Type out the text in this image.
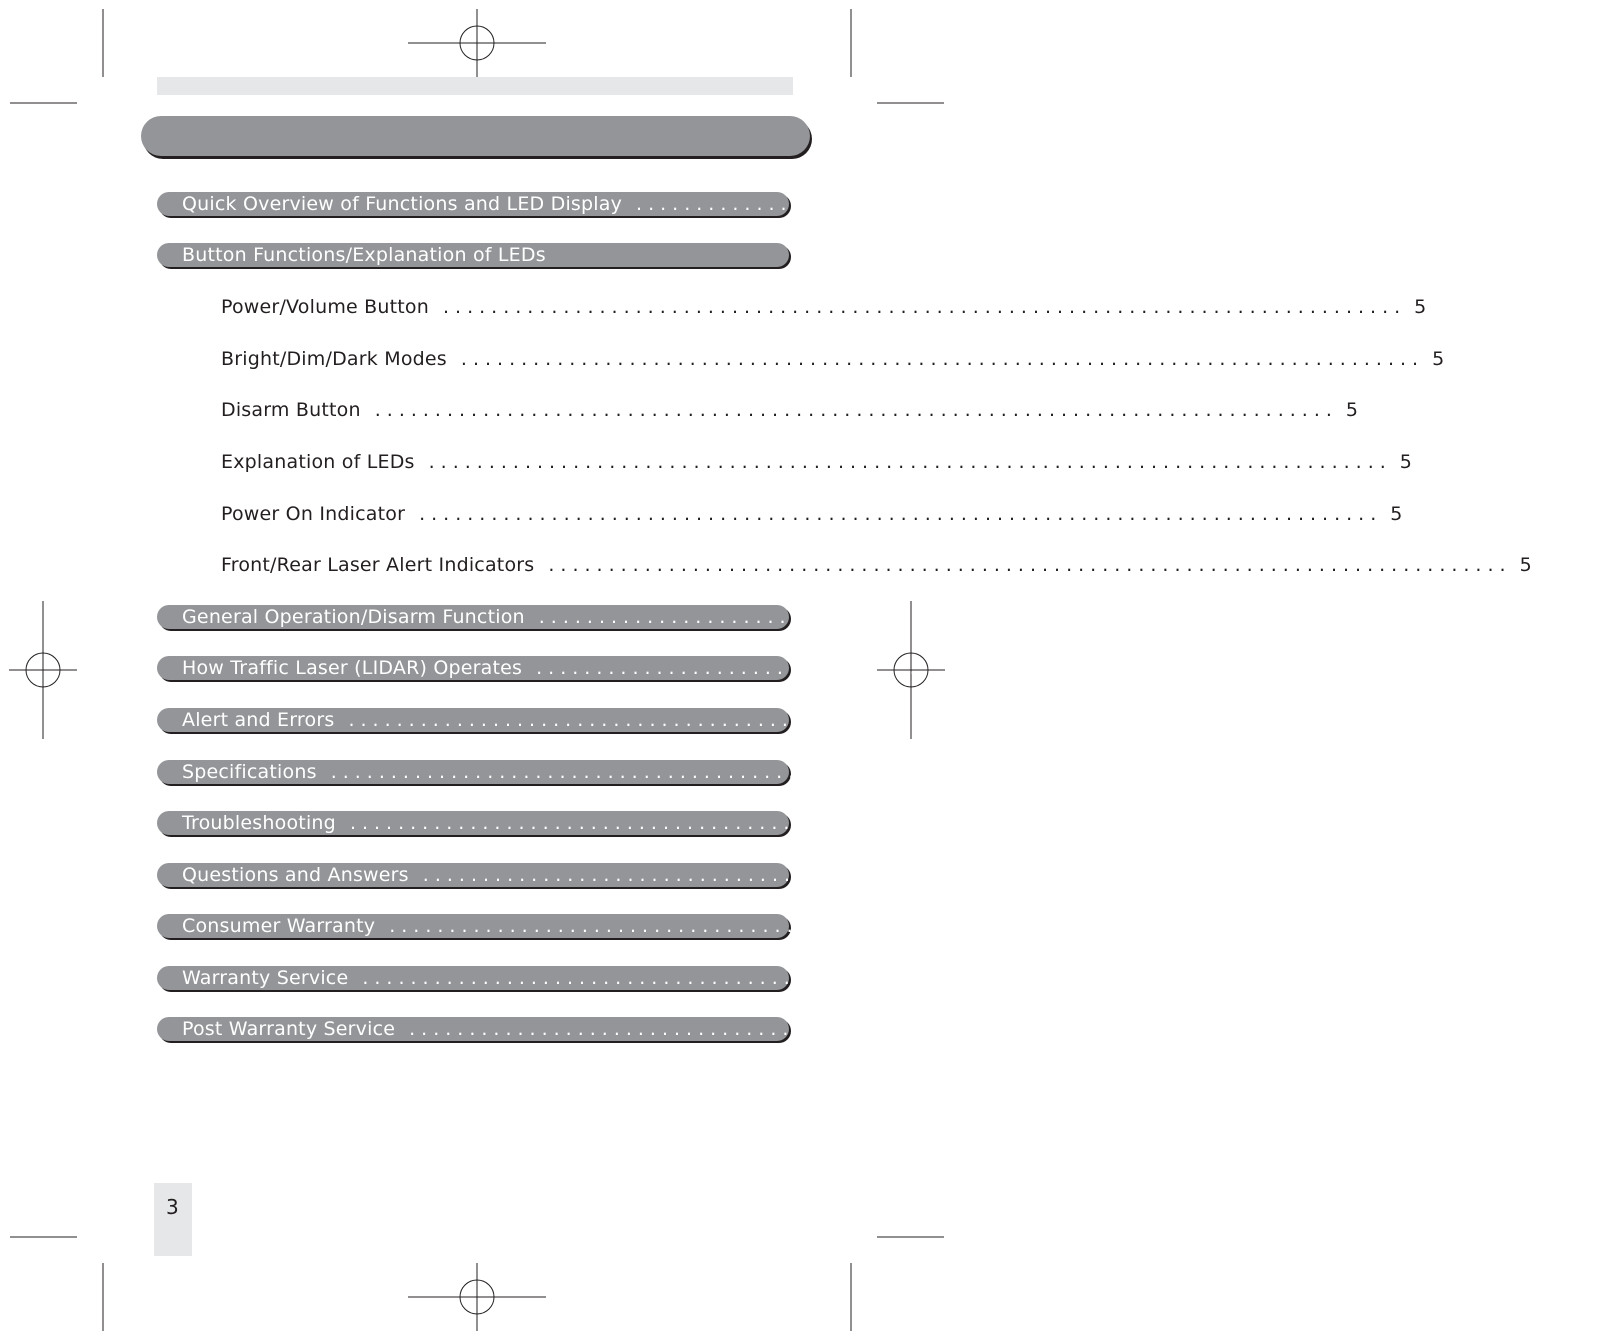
Quick Overview of Functions and LED Display ................................................................................ 4
Button Functions/Explanation of LEDs
Power/Volume Button ................................................................................ 5
Bright/Dim/Dark Modes ................................................................................ 5
Disarm Button ................................................................................ 5
Explanation of LEDs ................................................................................ 5
Power On Indicator ................................................................................ 5
Front/Rear Laser Alert Indicators ................................................................................ 5
General Operation/Disarm Function ................................................................................ 6
How Traffic Laser (LIDAR) Operates ................................................................................ 7
Alert and Errors ................................................................................ 8
Specifications ................................................................................ 9
Troubleshooting ................................................................................ 10
Questions and Answers ................................................................................ 11
Consumer Warranty ................................................................................ 12
Warranty Service ................................................................................ 13
Post Warranty Service ................................................................................ 14
3
